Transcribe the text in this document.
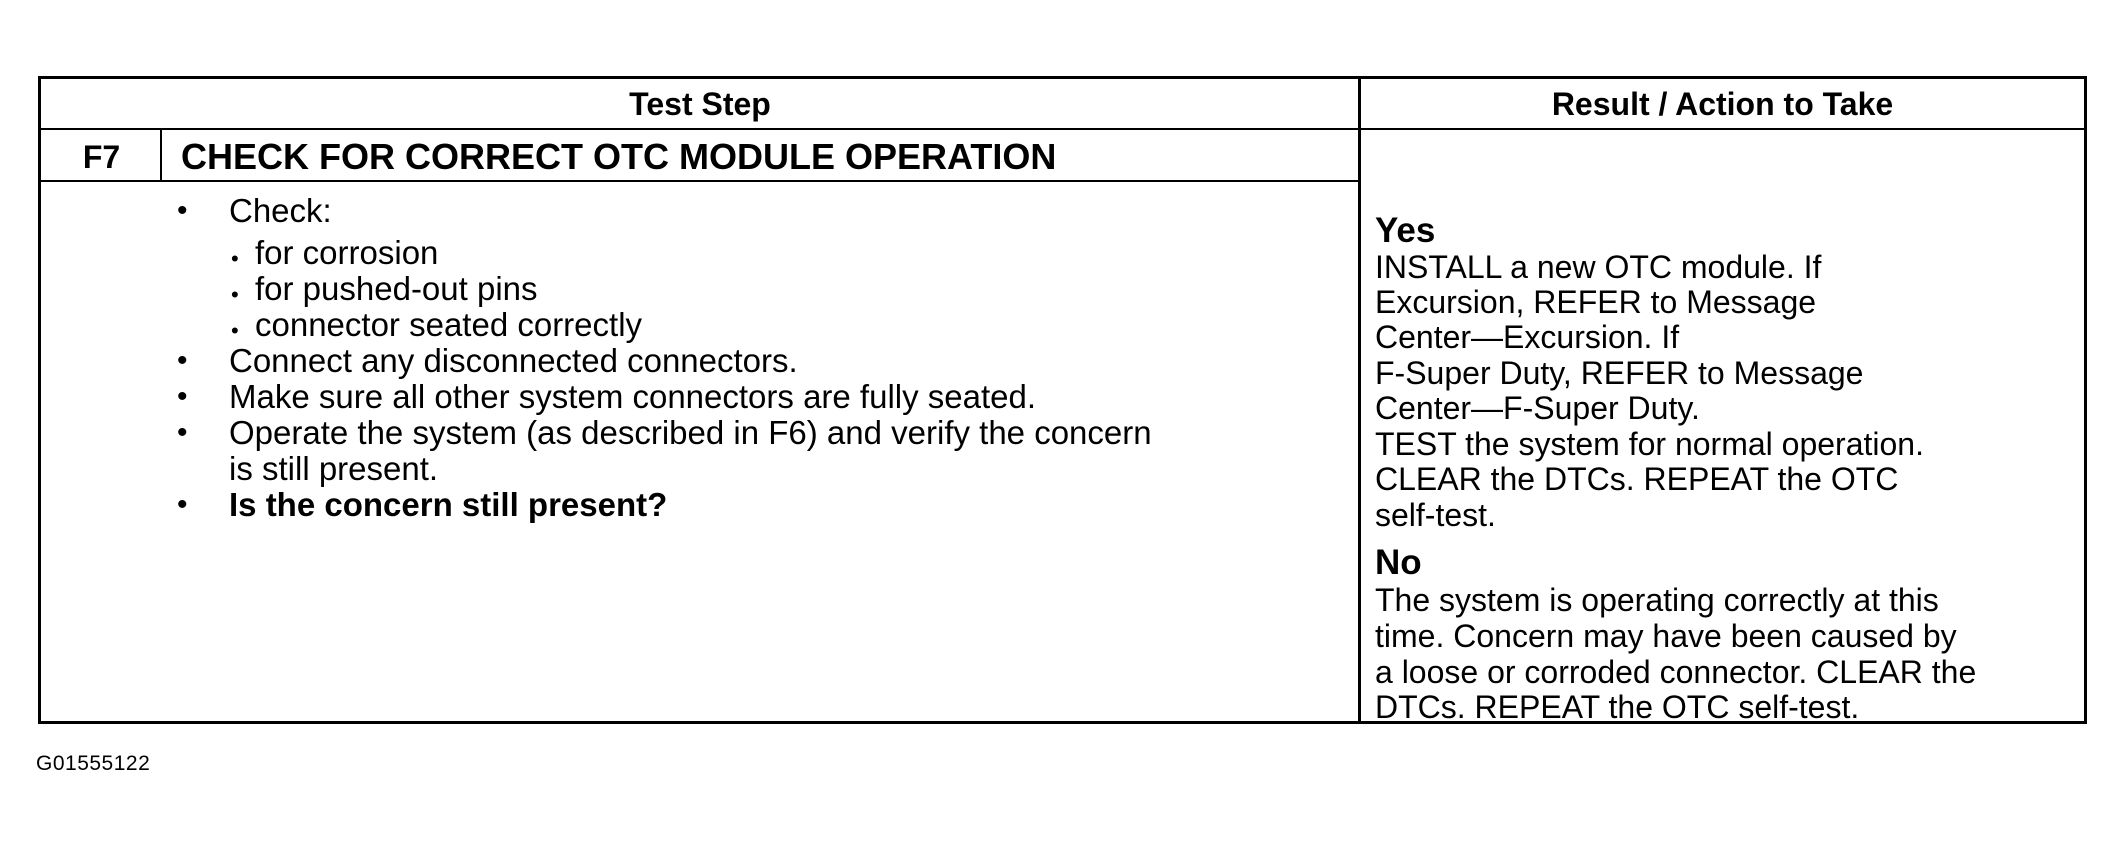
Test Step	Result / Action to Take
F7	CHECK FOR CORRECT OTC MODULE OPERATION
• Check:
• for corrosion
• for pushed-out pins
• connector seated correctly
• Connect any disconnected connectors.
• Make sure all other system connectors are fully seated.
• Operate the system (as described in F6) and verify the concern
is still present.
• Is the concern still present?
Yes
INSTALL a new OTC module. If
Excursion, REFER to Message
Center—Excursion. If
F-Super Duty, REFER to Message
Center—F-Super Duty.
TEST the system for normal operation.
CLEAR the DTCs. REPEAT the OTC
self-test.
No
The system is operating correctly at this
time. Concern may have been caused by
a loose or corroded connector. CLEAR the
DTCs. REPEAT the OTC self-test.
G01555122
